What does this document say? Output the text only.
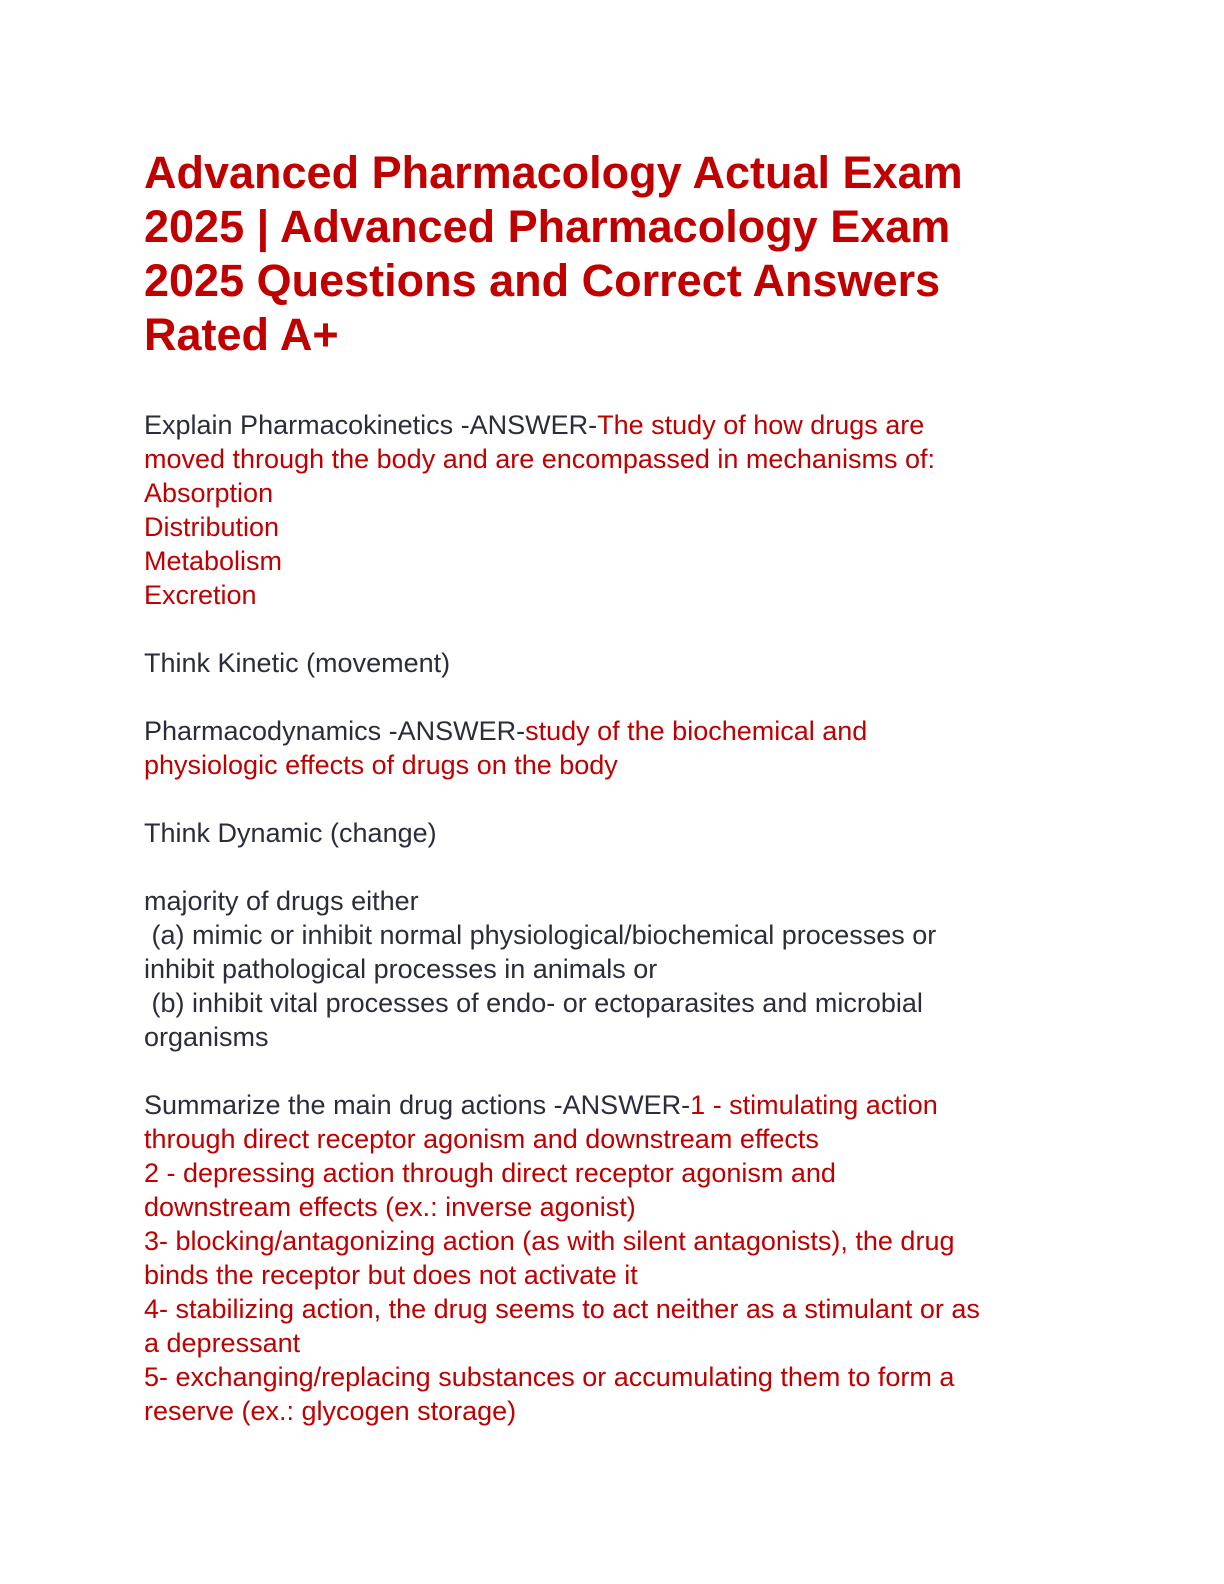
Advanced Pharmacology Actual Exam
2025 | Advanced Pharmacology Exam
2025 Questions and Correct Answers
Rated A+
Explain Pharmacokinetics -ANSWER-The study of how drugs are
moved through the body and are encompassed in mechanisms of:
Absorption
Distribution
Metabolism
Excretion
Think Kinetic (movement)
Pharmacodynamics -ANSWER-study of the biochemical and
physiologic effects of drugs on the body
Think Dynamic (change)
majority of drugs either
(a) mimic or inhibit normal physiological/biochemical processes or
inhibit pathological processes in animals or
(b) inhibit vital processes of endo- or ectoparasites and microbial
organisms
Summarize the main drug actions -ANSWER-1 - stimulating action
through direct receptor agonism and downstream effects
2 - depressing action through direct receptor agonism and
downstream effects (ex.: inverse agonist)
3- blocking/antagonizing action (as with silent antagonists), the drug
binds the receptor but does not activate it
4- stabilizing action, the drug seems to act neither as a stimulant or as
a depressant
5- exchanging/replacing substances or accumulating them to form a
reserve (ex.: glycogen storage)
